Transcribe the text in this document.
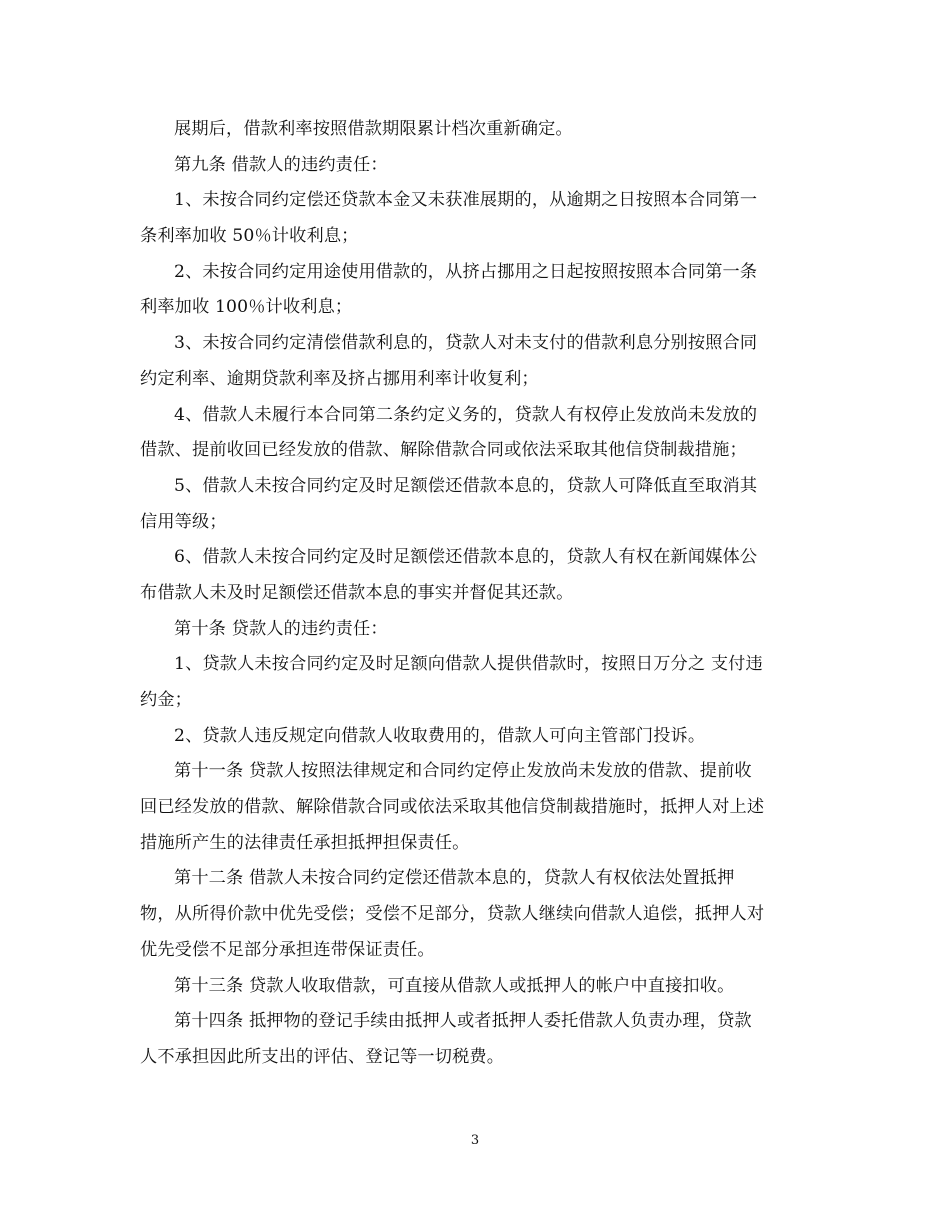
展期后，借款利率按照借款期限累计档次重新确定。
第九条 借款人的违约责任：
1、未按合同约定偿还贷款本金又未获准展期的，从逾期之日按照本合同第一
条利率加收 50％计收利息；
2、未按合同约定用途使用借款的，从挤占挪用之日起按照按照本合同第一条
利率加收 100％计收利息；
3、未按合同约定清偿借款利息的，贷款人对未支付的借款利息分别按照合同
约定利率、逾期贷款利率及挤占挪用利率计收复利；
4、借款人未履行本合同第二条约定义务的，贷款人有权停止发放尚未发放的
借款、提前收回已经发放的借款、解除借款合同或依法采取其他信贷制裁措施；
5、借款人未按合同约定及时足额偿还借款本息的，贷款人可降低直至取消其
信用等级；
6、借款人未按合同约定及时足额偿还借款本息的，贷款人有权在新闻媒体公
布借款人未及时足额偿还借款本息的事实并督促其还款。
第十条 贷款人的违约责任：
1、贷款人未按合同约定及时足额向借款人提供借款时，按照日万分之 支付违
约金；
2、贷款人违反规定向借款人收取费用的，借款人可向主管部门投诉。
第十一条 贷款人按照法律规定和合同约定停止发放尚未发放的借款、提前收
回已经发放的借款、解除借款合同或依法采取其他信贷制裁措施时，抵押人对上述
措施所产生的法律责任承担抵押担保责任。
第十二条 借款人未按合同约定偿还借款本息的，贷款人有权依法处置抵押
物，从所得价款中优先受偿；受偿不足部分，贷款人继续向借款人追偿，抵押人对
优先受偿不足部分承担连带保证责任。
第十三条 贷款人收取借款，可直接从借款人或抵押人的帐户中直接扣收。
第十四条 抵押物的登记手续由抵押人或者抵押人委托借款人负责办理，贷款
人不承担因此所支出的评估、登记等一切税费。
3
